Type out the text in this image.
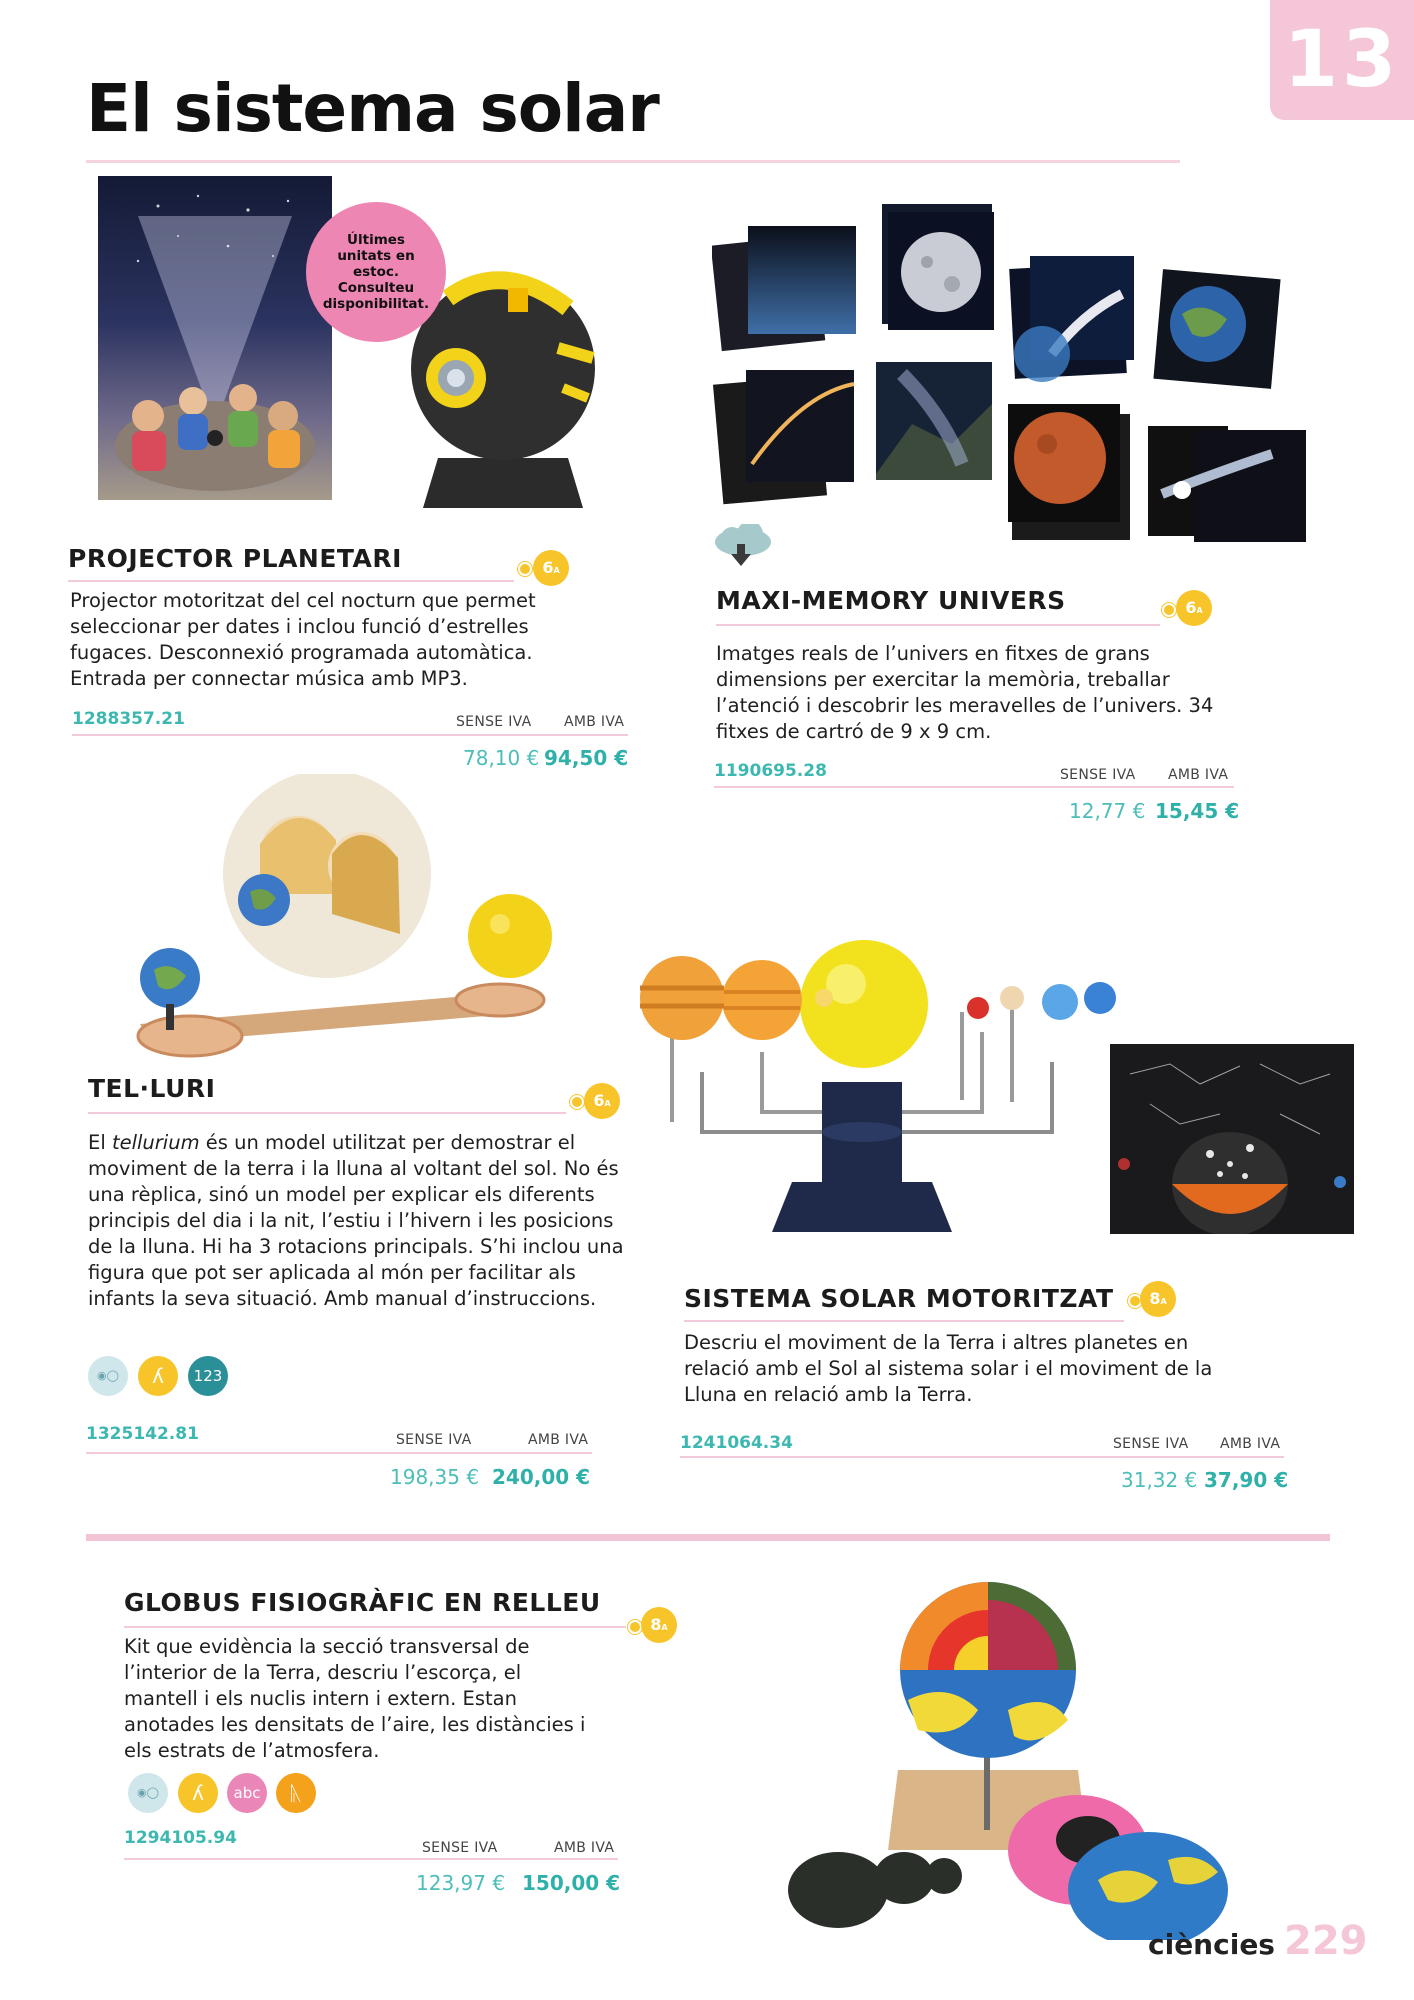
13
El sistema solar
Últimes unitats en estoc. Consulteu disponibilitat.
PROJECTOR PLANETARI	6A
Projector motoritzat del cel nocturn que permet seleccionar per dates i inclou funció d’estrelles fugaces. Desconnexió programada automàtica. Entrada per connectar música amb MP3.
1288357.21	SENSE IVA AMB IVA
78,10 € 94,50 €
MAXI-MEMORY UNIVERS	6A
Imatges reals de l’univers en fitxes de grans dimensions per exercitar la memòria, treballar l’atenció i descobrir les meravelles de l’univers. 34 fitxes de cartró de 9 x 9 cm.
1190695.28	SENSE IVA AMB IVA
12,77 € 15,45 €
TEL·LURI	6A
El tellurium és un model utilitzat per demostrar el moviment de la terra i la lluna al voltant del sol. No és una rèplica, sinó un model per explicar els diferents principis del dia i la nit, l’estiu i l’hivern i les posicions de la lluna. Hi ha 3 rotacions principals. S’hi inclou una figura que pot ser aplicada al món per facilitar als infants la seva situació. Amb manual d’instruccions.
◉◯	ʎ	123
1325142.81	SENSE IVA	AMB IVA
198,35 € 240,00 €
SISTEMA SOLAR MOTORITZAT	8A
Descriu el moviment de la Terra i altres planetes en relació amb el Sol al sistema solar i el moviment de la Lluna en relació amb la Terra.
1241064.34	SENSE IVA AMB IVA
31,32 € 37,90 €
GLOBUS FISIOGRÀFIC EN RELLEU
8A
Kit que evidència la secció transversal de l’interior de la Terra, descriu l’escorça, el mantell i els nuclis intern i extern. Estan anotades les densitats de l’aire, les distàncies i els estrats de l’atmosfera.
◉◯	ʎ	abc	ᚣ
1294105.94	SENSE IVA	AMB IVA
123,97 € 150,00 €
ciències 229
